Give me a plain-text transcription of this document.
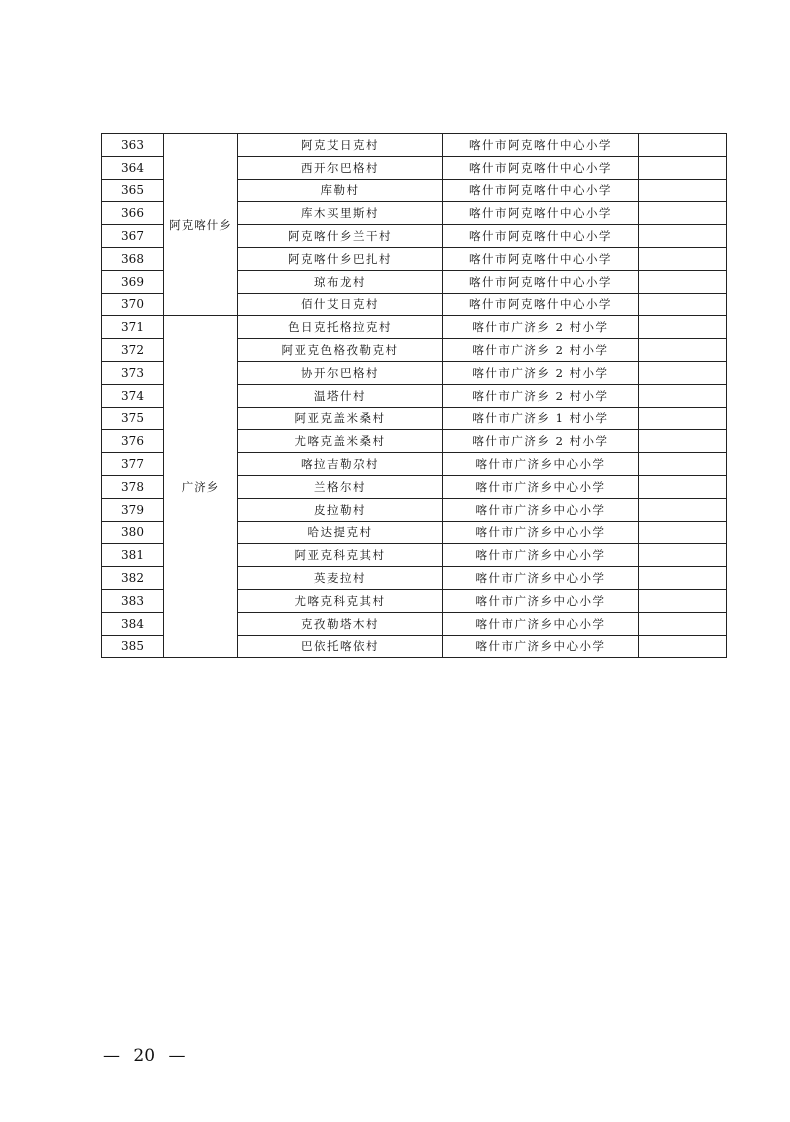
363	阿克喀什乡	阿克艾日克村	喀什市阿克喀什中心小学	
364		西开尔巴格村	喀什市阿克喀什中心小学	
365		库勒村	喀什市阿克喀什中心小学	
366		库木买里斯村	喀什市阿克喀什中心小学	
367		阿克喀什乡兰干村	喀什市阿克喀什中心小学	
368		阿克喀什乡巴扎村	喀什市阿克喀什中心小学	
369		琼布龙村	喀什市阿克喀什中心小学	
370		佰什艾日克村	喀什市阿克喀什中心小学	
371	广济乡	色日克托格拉克村	喀什市广济乡 2 村小学	
372		阿亚克色格孜勒克村	喀什市广济乡 2 村小学	
373		协开尔巴格村	喀什市广济乡 2 村小学	
374		温塔什村	喀什市广济乡 2 村小学	
375		阿亚克盖米桑村	喀什市广济乡 1 村小学	
376		尤喀克盖米桑村	喀什市广济乡 2 村小学	
377		喀拉吉勒尕村	喀什市广济乡中心小学	
378		兰格尔村	喀什市广济乡中心小学	
379		皮拉勒村	喀什市广济乡中心小学	
380		哈达提克村	喀什市广济乡中心小学	
381		阿亚克科克其村	喀什市广济乡中心小学	
382		英麦拉村	喀什市广济乡中心小学	
383		尤喀克科克其村	喀什市广济乡中心小学	
384		克孜勒塔木村	喀什市广济乡中心小学	
385		巴依托喀依村	喀什市广济乡中心小学	
— 20 —
